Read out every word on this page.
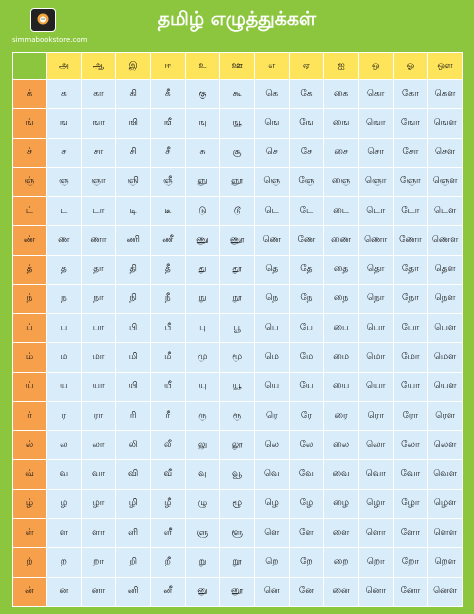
simmabookstore.com
தமிழ் எழுத்துக்கள்
	அ	ஆ	இ	ஈ	உ	ஊ	எ	ஏ	ஐ	ஒ	ஓ	ஔ
க்	க	கா	கி	கீ	கு	கூ	கெ	கே	கை	கொ	கோ	கௌ
ங்	ங	ஙா	ஙி	ஙீ	ஙு	ஙூ	ஙெ	ஙே	ஙை	ஙொ	ஙோ	ஙௌ
ச்	ச	சா	சி	சீ	சு	சூ	செ	சே	சை	சொ	சோ	சௌ
ஞ்	ஞ	ஞா	ஞி	ஞீ	ஞு	ஞூ	ஞெ	ஞே	ஞை	ஞொ	ஞோ	ஞௌ
ட்	ட	டா	டி	டீ	டு	டூ	டெ	டே	டை	டொ	டோ	டௌ
ண்	ண	ணா	ணி	ணீ	ணு	ணூ	ணெ	ணே	ணை	ணொ	ணோ	ணௌ
த்	த	தா	தி	தீ	து	தூ	தெ	தே	தை	தொ	தோ	தௌ
ந்	ந	நா	நி	நீ	நு	நூ	நெ	நே	நை	நொ	நோ	நௌ
ப்	ப	பா	பி	பீ	பு	பூ	பெ	பே	பை	பொ	போ	பௌ
ம்	ம	மா	மி	மீ	மு	மூ	மெ	மே	மை	மொ	மோ	மௌ
ய்	ய	யா	யி	யீ	யு	யூ	யெ	யே	யை	யொ	யோ	யௌ
ர்	ர	ரா	ரி	ரீ	ரு	ரூ	ரெ	ரே	ரை	ரொ	ரோ	ரௌ
ல்	ல	லா	லி	லீ	லு	லூ	லெ	லே	லை	லொ	லோ	லௌ
வ்	வ	வா	வி	வீ	வு	வூ	வெ	வே	வை	வொ	வோ	வௌ
ழ்	ழ	ழா	ழி	ழீ	ழு	ழூ	ழெ	ழே	ழை	ழொ	ழோ	ழௌ
ள்	ள	ளா	ளி	ளீ	ளு	ளூ	ளெ	ளே	ளை	ளொ	ளோ	ளௌ
ற்	ற	றா	றி	றீ	று	றூ	றெ	றே	றை	றொ	றோ	றௌ
ன்	ன	னா	னி	னீ	னு	னூ	னெ	னே	னை	னொ	னோ	னௌ
